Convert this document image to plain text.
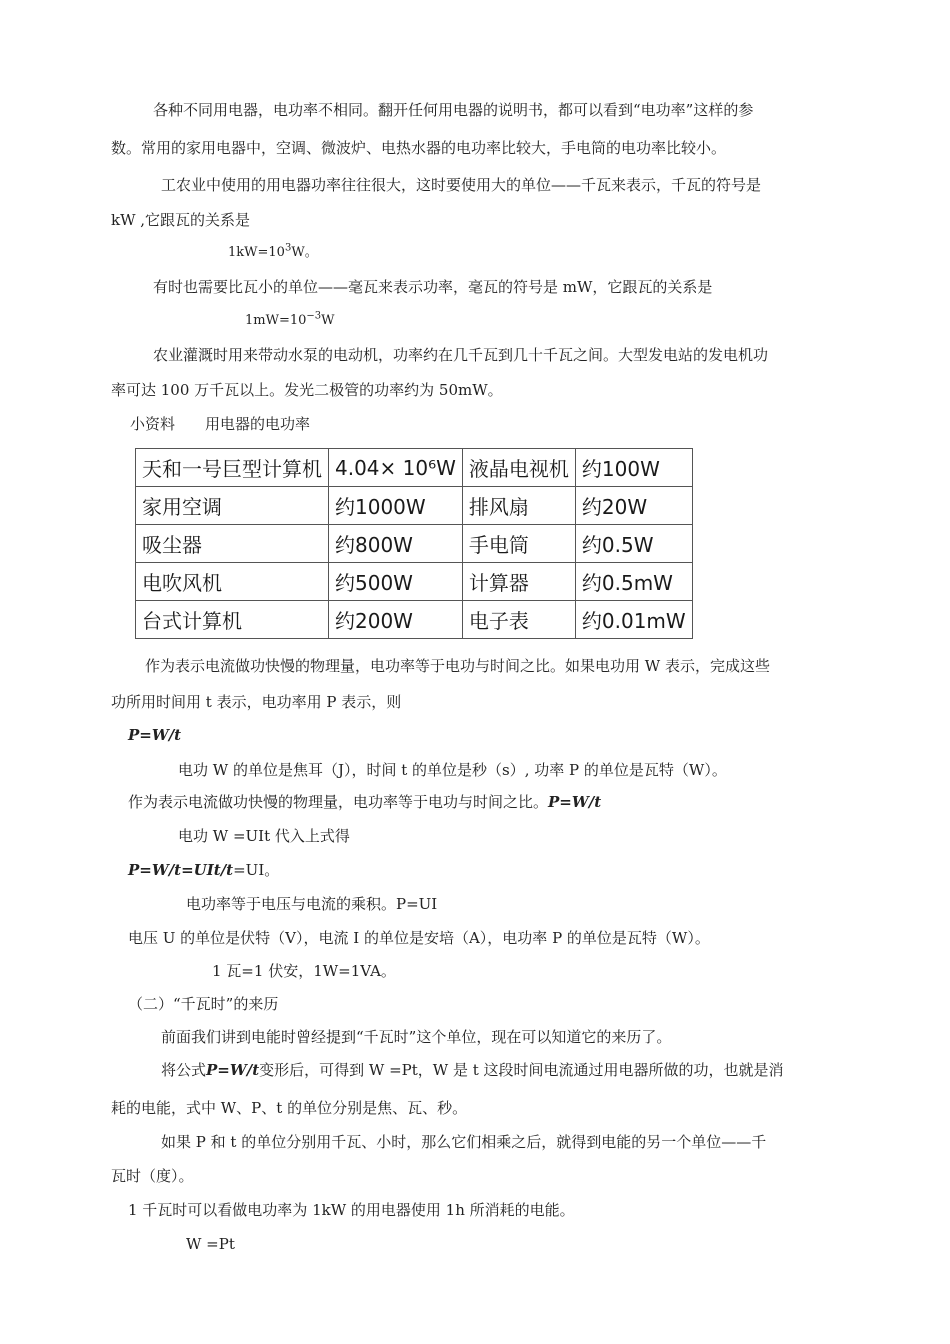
各种不同用电器，电功率不相同。翻开任何用电器的说明书，都可以看到“电功率”这样的参
数。常用的家用电器中，空调、微波炉、电热水器的电功率比较大，手电筒的电功率比较小。
工农业中使用的用电器功率往往很大，这时要使用大的单位——千瓦来表示，千瓦的符号是
kW ,它跟瓦的关系是
$1kW=10^3W$。
有时也需要比瓦小的单位——毫瓦来表示功率，毫瓦的符号是 mW，它跟瓦的关系是
$1mW=10^{-3}W$
农业灌溉时用来带动水泵的电动机，功率约在几千瓦到几十千瓦之间。大型发电站的发电机功
率可达 100 万千瓦以上。发光二极管的功率约为 50mW。
小资料　　用电器的电功率
天和一号巨型计算机	4.04× 10⁶W	液晶电视机	约100W
家用空调	约1000W	排风扇	约20W
吸尘器	约800W	手电筒	约0.5W
电吹风机	约500W	计算器	约0.5mW
台式计算机	约200W	电子表	约0.01mW
作为表示电流做功快慢的物理量，电功率等于电功与时间之比。如果电功用 W 表示，完成这些
功所用时间用 t 表示，电功率用 P 表示，则
P=W/t
电功 W 的单位是焦耳（J），时间 t 的单位是秒（s）, 功率 P 的单位是瓦特（W）。
作为表示电流做功快慢的物理量，电功率等于电功与时间之比。P=W/t
电功 W =UIt 代入上式得
P=W/t=UIt/t=UI。
电功率等于电压与电流的乘积。P=UI
电压 U 的单位是伏特（V），电流 I 的单位是安培（A），电功率 P 的单位是瓦特（W）。
1 瓦=1 伏安，1W=1VA。
（二）“千瓦时”的来历
前面我们讲到电能时曾经提到“千瓦时”这个单位，现在可以知道它的来历了。
将公式P=W/t变形后，可得到 W =Pt，W 是 t 这段时间电流通过用电器所做的功，也就是消
耗的电能，式中 W、P、t 的单位分别是焦、瓦、秒。
如果 P 和 t 的单位分别用千瓦、小时，那么它们相乘之后，就得到电能的另一个单位——千
瓦时（度）。
1 千瓦时可以看做电功率为 1kW 的用电器使用 1h 所消耗的电能。
W =Pt
